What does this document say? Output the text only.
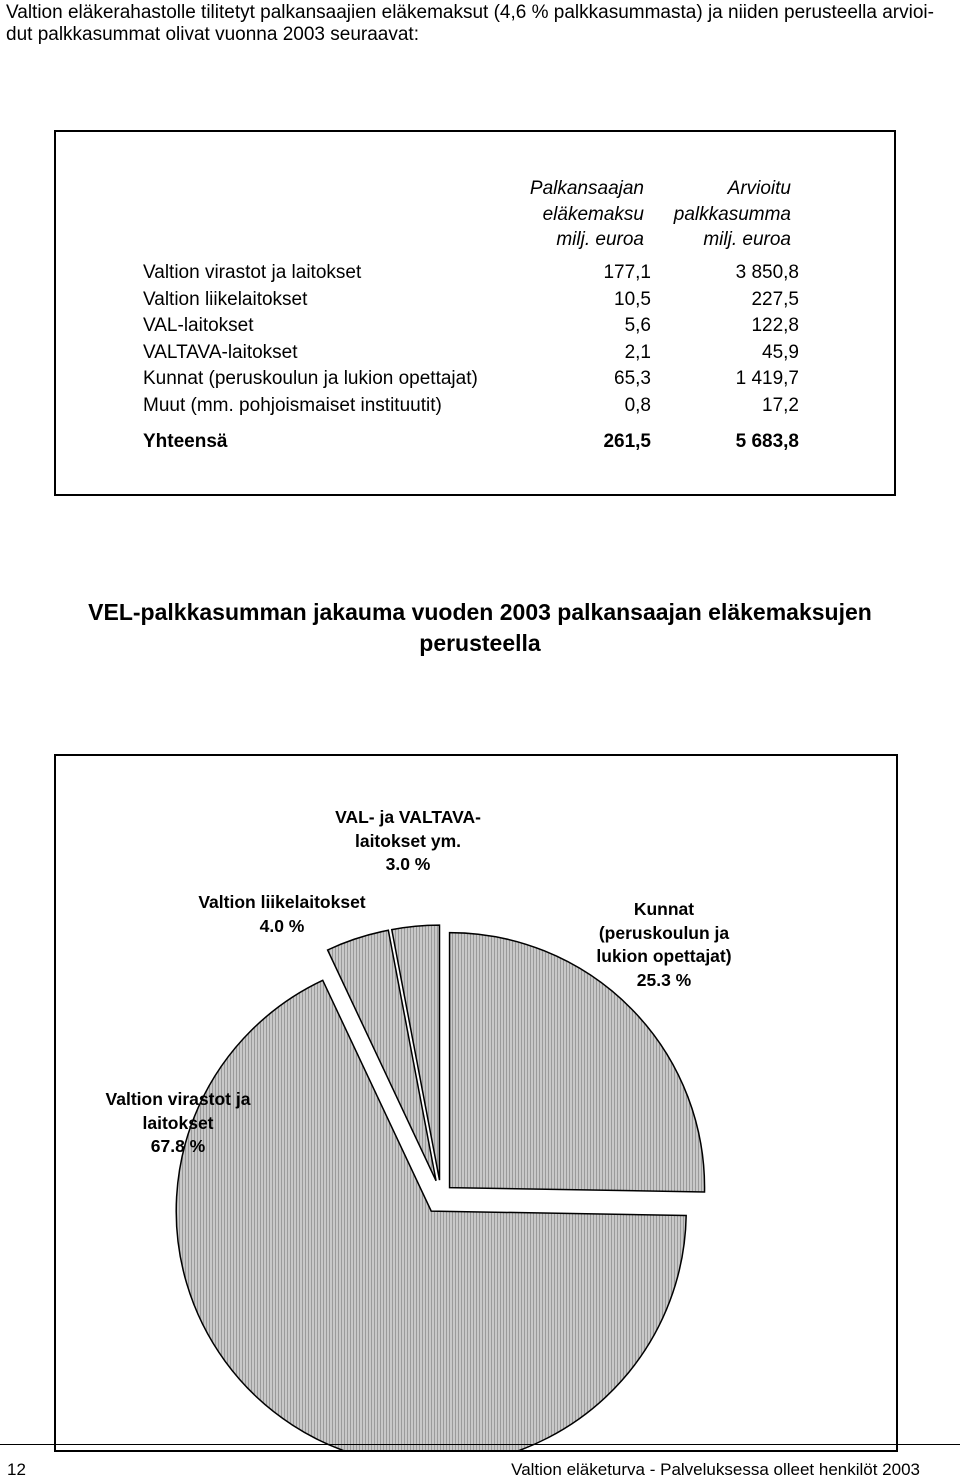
Valtion eläkerahastolle tilitetyt palkansaajien eläkemaksut (4,6 % palkkasummasta) ja niiden perusteella arvioi-
dut palkkasummat olivat vuonna 2003 seuraavat:
Palkansaajan
eläkemaksu
milj. euroa
Arvioitu
palkkasumma
milj. euroa
Valtion virastot ja laitokset	177,1	3 850,8
Valtion liikelaitokset	10,5	227,5
VAL-laitokset	5,6	122,8
VALTAVA-laitokset	2,1	45,9
Kunnat (peruskoulun ja lukion opettajat)	65,3	1 419,7
Muut (mm. pohjoismaiset instituutit)	0,8	17,2
Yhteensä	261,5	5 683,8
VEL-palkkasumman jakauma vuoden 2003 palkansaajan eläkemaksujen
perusteella
Kunnat
(peruskoulun ja
lukion opettajat)
25.3 %
Valtion virastot ja
laitokset
67.8 %
Valtion liikelaitokset
4.0 %
VAL- ja VALTAVA-
laitokset ym.
3.0 %
12	Valtion eläketurva - Palveluksessa olleet henkilöt 2003
